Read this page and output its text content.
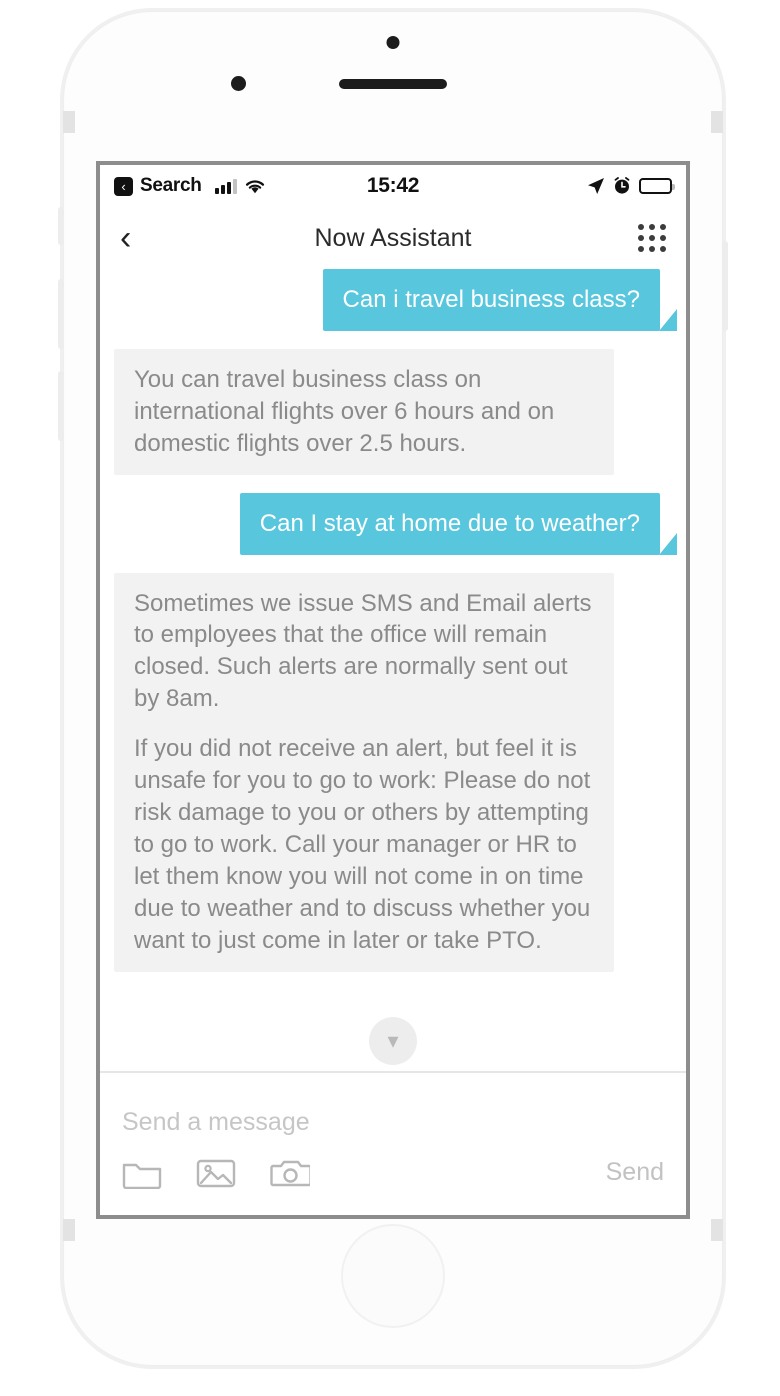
‹ Search	15:42
‹	Now Assistant
Can i travel business class?

You can travel business class on international flights over 6 hours and on domestic flights over 2.5 hours.

Can I stay at home due to weather?

Sometimes we issue SMS and Email alerts to employees that the office will remain closed. Such alerts are normally sent out by 8am.

If you did not receive an alert, but feel it is unsafe for you to go to work: Please do not risk damage to you or others by attempting to go to work. Call your manager or HR to let them know you will not come in on time due to weather and to discuss whether you want to just come in later or take PTO.

▾
Send a message
Send
